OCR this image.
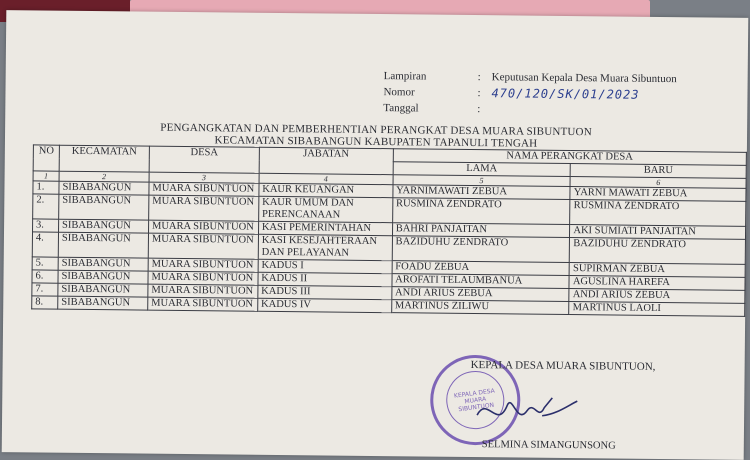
Lampiran	: Keputusan Kepala Desa Muara Sibuntuon
Nomor	: 470/120/SK/01/2023
Tanggal	:
PENGANGKATAN DAN PEMBERHENTIAN PERANGKAT DESA MUARA SIBUNTUON
KECAMATAN SIBABANGUN KABUPATEN TAPANULI TENGAH
NO	KECAMATAN	DESA	JABATAN	NAMA PERANGKAT DESA	
				LAMA	BARU
1	2	3	4	5	6
1.	SIBABANGUN	MUARA SIBUNTUON	KAUR KEUANGAN	YARNIMAWATI ZEBUA	YARNI MAWATI ZEBUA
2.	SIBABANGUN	MUARA SIBUNTUON	KAUR UMUM DAN PERENCANAAN	RUSMINA ZENDRATO	RUSMINA ZENDRATO
3.	SIBABANGUN	MUARA SIBUNTUON	KASI PEMERINTAHAN	BAHRI PANJAITAN	AKI SUMIATI PANJAITAN
4.	SIBABANGUN	MUARA SIBUNTUON	KASI KESEJAHTERAAN DAN PELAYANAN	BAZIDUHU ZENDRATO	BAZIDUHU ZENDRATO
5.	SIBABANGUN	MUARA SIBUNTUON	KADUS I	FOADU ZEBUA	SUPIRMAN ZEBUA
6.	SIBABANGUN	MUARA SIBUNTUON	KADUS II	AROFATI TELAUMBANUA	AGUSLINA HAREFA
7.	SIBABANGUN	MUARA SIBUNTUON	KADUS III	ANDI ARIUS ZEBUA	ANDI ARIUS ZEBUA
8.	SIBABANGUN	MUARA SIBUNTUON	KADUS IV	MARTINUS ZILIWU	MARTINUS LAOLI
KEPALA DESA MUARA SIBUNTUON
KEPALA DESA MUARA SIBUNTUON,
SELMINA SIMANGUNSONG
